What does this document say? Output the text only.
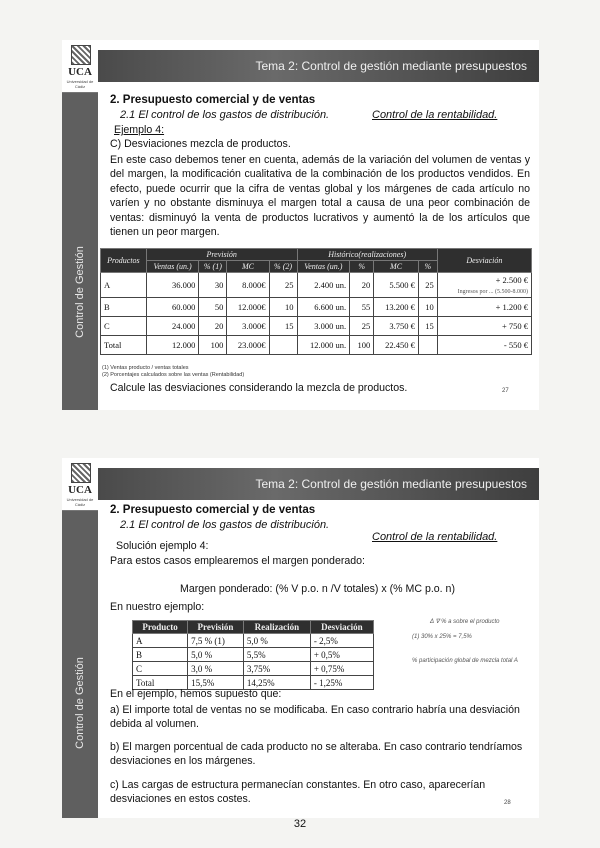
Control de Gestión
UCA
Universidad de Cádiz
Tema 2: Control de gestión mediante presupuestos
2. Presupuesto comercial y de ventas
2.1 El control de los gastos de distribución.	Control de la rentabilidad.
Ejemplo 4:
C) Desviaciones mezcla de productos.
En este caso debemos tener en cuenta, además de la variación del volumen de ventas y del margen, la modificación cualitativa de la combinación de los productos vendidos. En efecto, puede ocurrir que la cifra de ventas global y los márgenes de cada artículo no varíen y no obstante disminuya el margen total a causa de una peor combinación de ventas: disminuyó la venta de productos lucrativos y aumentó la de los artículos que tienen un peor margen.
Productos	Previsión				Histórico(realizaciones)				Desviación
	Ventas (un.)	% (1)	MC	% (2)	Ventas (un.)	%	MC	%	
A	36.000	30	8.000€	25	2.400 un.	20	5.500 €	25	+ 2.500 €
Ingresos por ... (5.500-8.000)
B	60.000	50	12.000€	10	6.600 un.	55	13.200 €	10	+ 1.200 €
C	24.000	20	3.000€	15	3.000 un.	25	3.750 €	15	+ 750 €
Total	12.000	100	23.000€		12.000 un.	100	22.450 €		- 550 €
(1) Ventas producto / ventas totales
(2) Porcentajes calculados sobre las ventas (Rentabilidad)
Calcule las desviaciones considerando la mezcla de productos.	27
Control de Gestión
UCA
Universidad de Cádiz
Tema 2: Control de gestión mediante presupuestos
2. Presupuesto comercial y de ventas
2.1 El control de los gastos de distribución.
Control de la rentabilidad.
Solución ejemplo 4:
Para estos casos emplearemos el margen ponderado:
Margen ponderado: (% V p.o. n /V totales) x (% MC p.o. n)
En nuestro ejemplo:
Producto	Previsión	Realización	Desviación
A	7,5 % (1)	5,0 %	- 2,5%
B	5,0 %	5,5%	+ 0,5%
C	3,0 %	3,75%	+ 0,75%
Total	15,5%	14,25%	- 1,25%
Δ ∇ % a sobre el producto
(1) 30% x 25% = 7,5%
% participación global de mezcla total A
En el ejemplo, hemos supuesto que:
a) El importe total de ventas no se modificaba. En caso contrario habría una desviación debida al volumen.
b) El margen porcentual de cada producto no se alteraba. En caso contrario tendríamos desviaciones en los márgenes.
c) Las cargas de estructura permanecían constantes. En otro caso, aparecerían desviaciones en estos costes.	28
32
